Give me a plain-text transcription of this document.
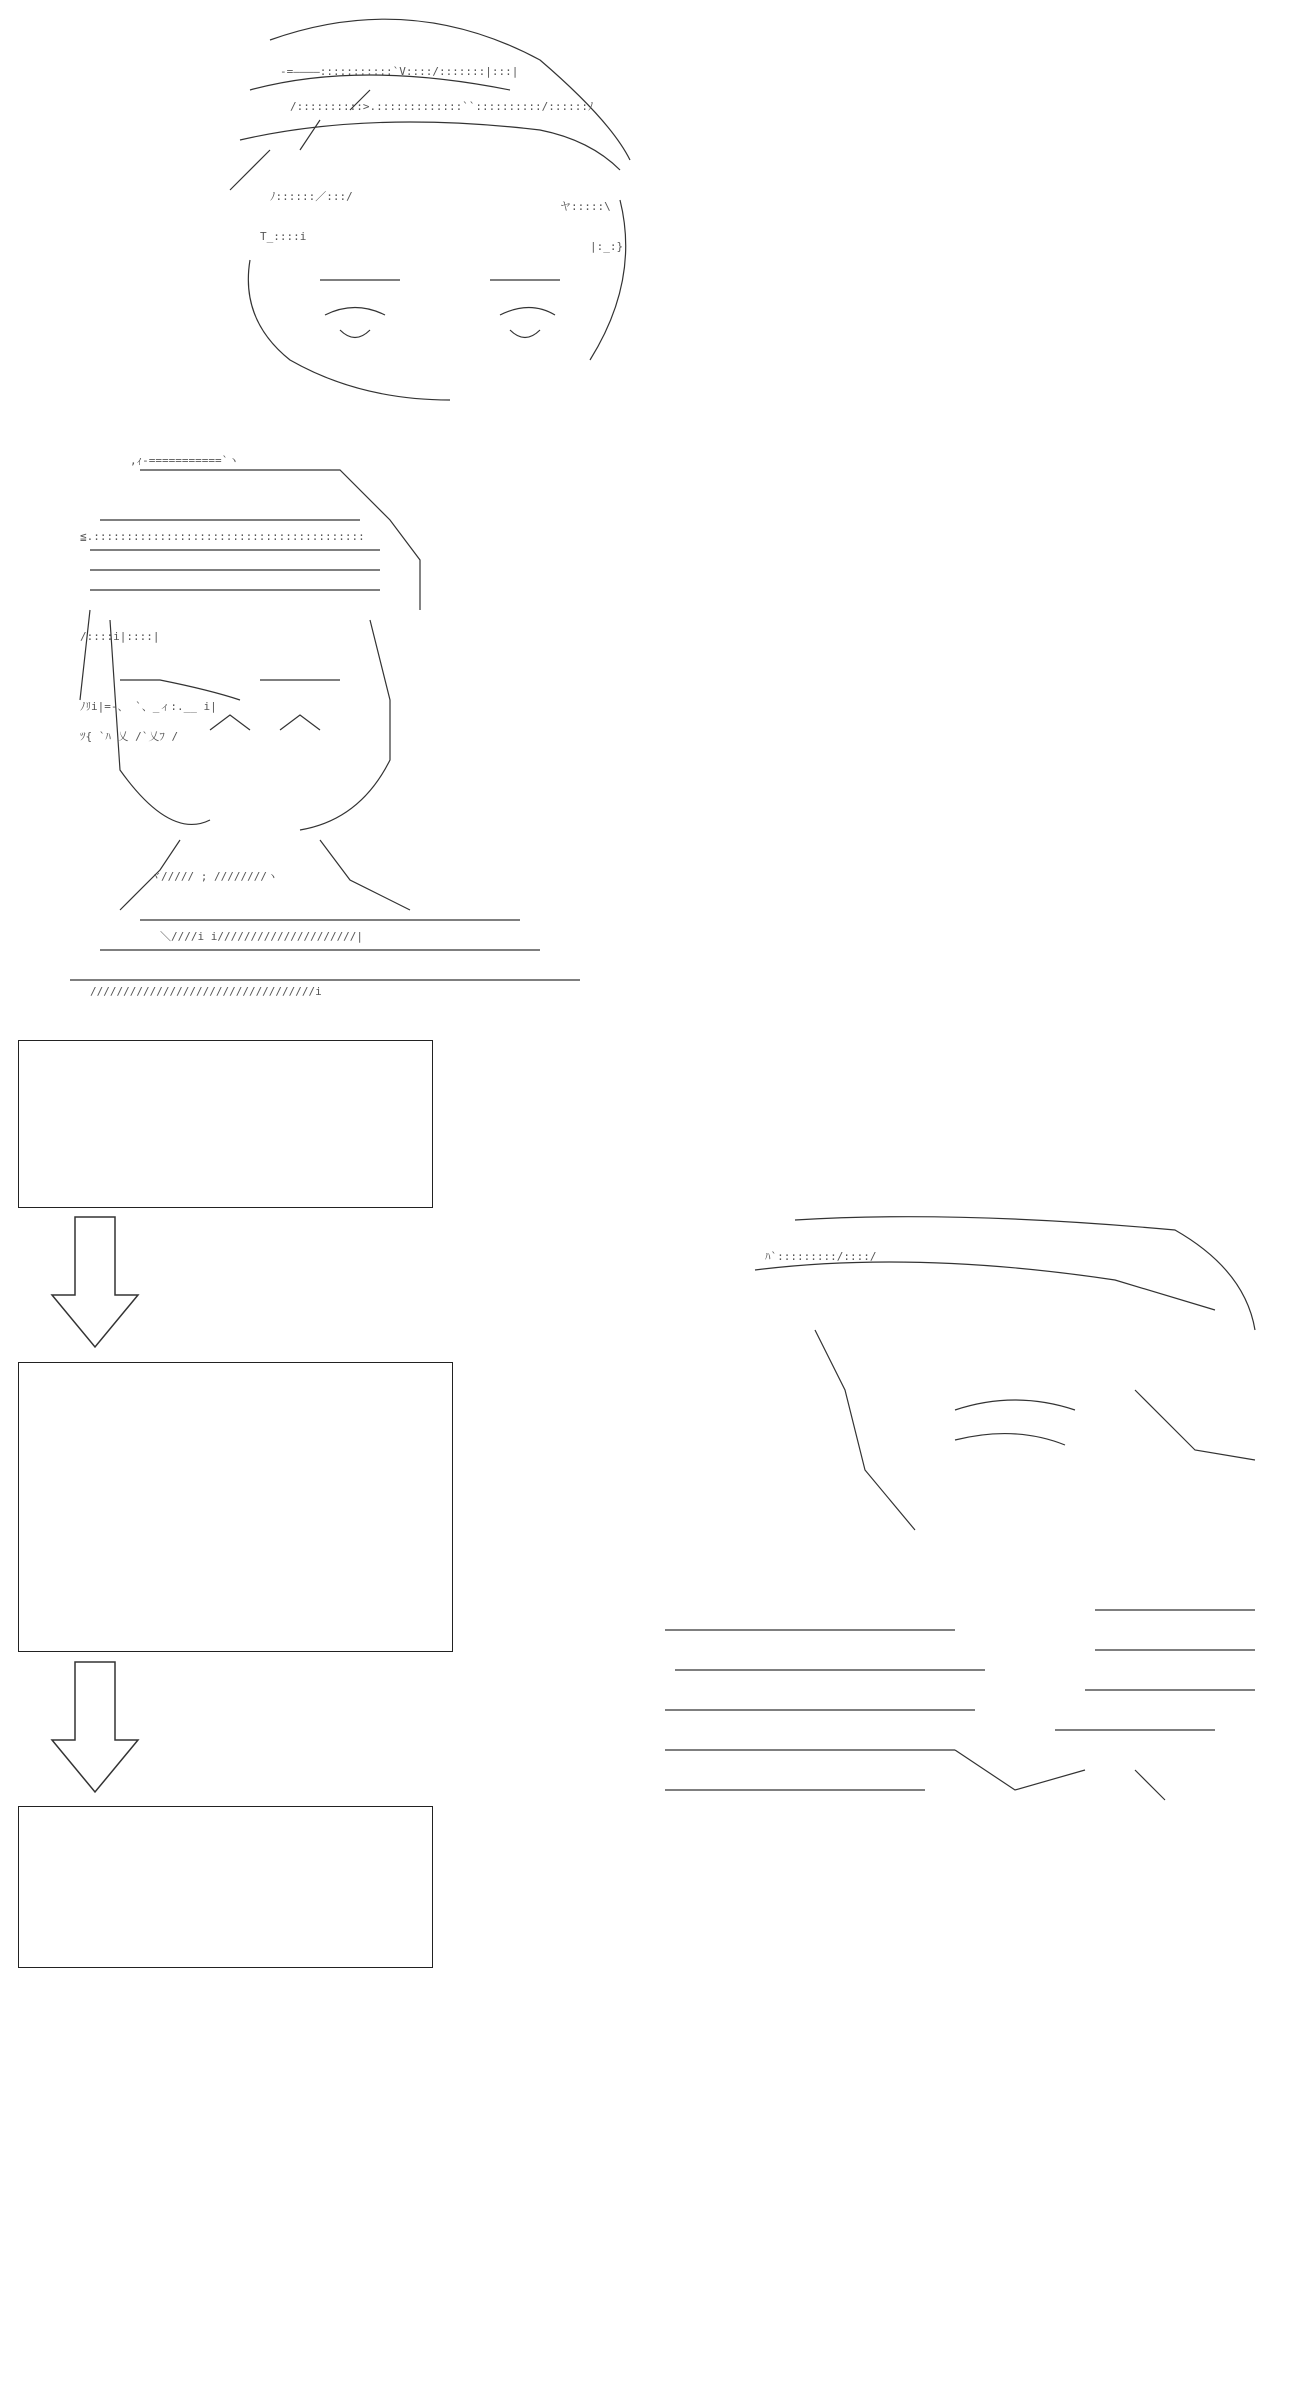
‐=――――:::::::::::`V::::/:::::::|:::|
/::::::::::>.:::::::::::::``::::::::::/::::::ﾉ
ﾉ::::::／:::/
ヤ:::::\
T_::::i
|:_:}
,ｨ‐===========`ヽ
≦.:::::::::::::::::::::::::::::::::::::::::
/::::i|::::|
ﾉﾘi|=-、 `、_ィ:.__ i|
ﾂ{ `ﾊ 乂 /`乂ﾌ /
ヾ///// ; ////////ヽ
＼////i i/////////////////////|
//////////////////////////////////i
ﾊ`:::::::::/::::/
